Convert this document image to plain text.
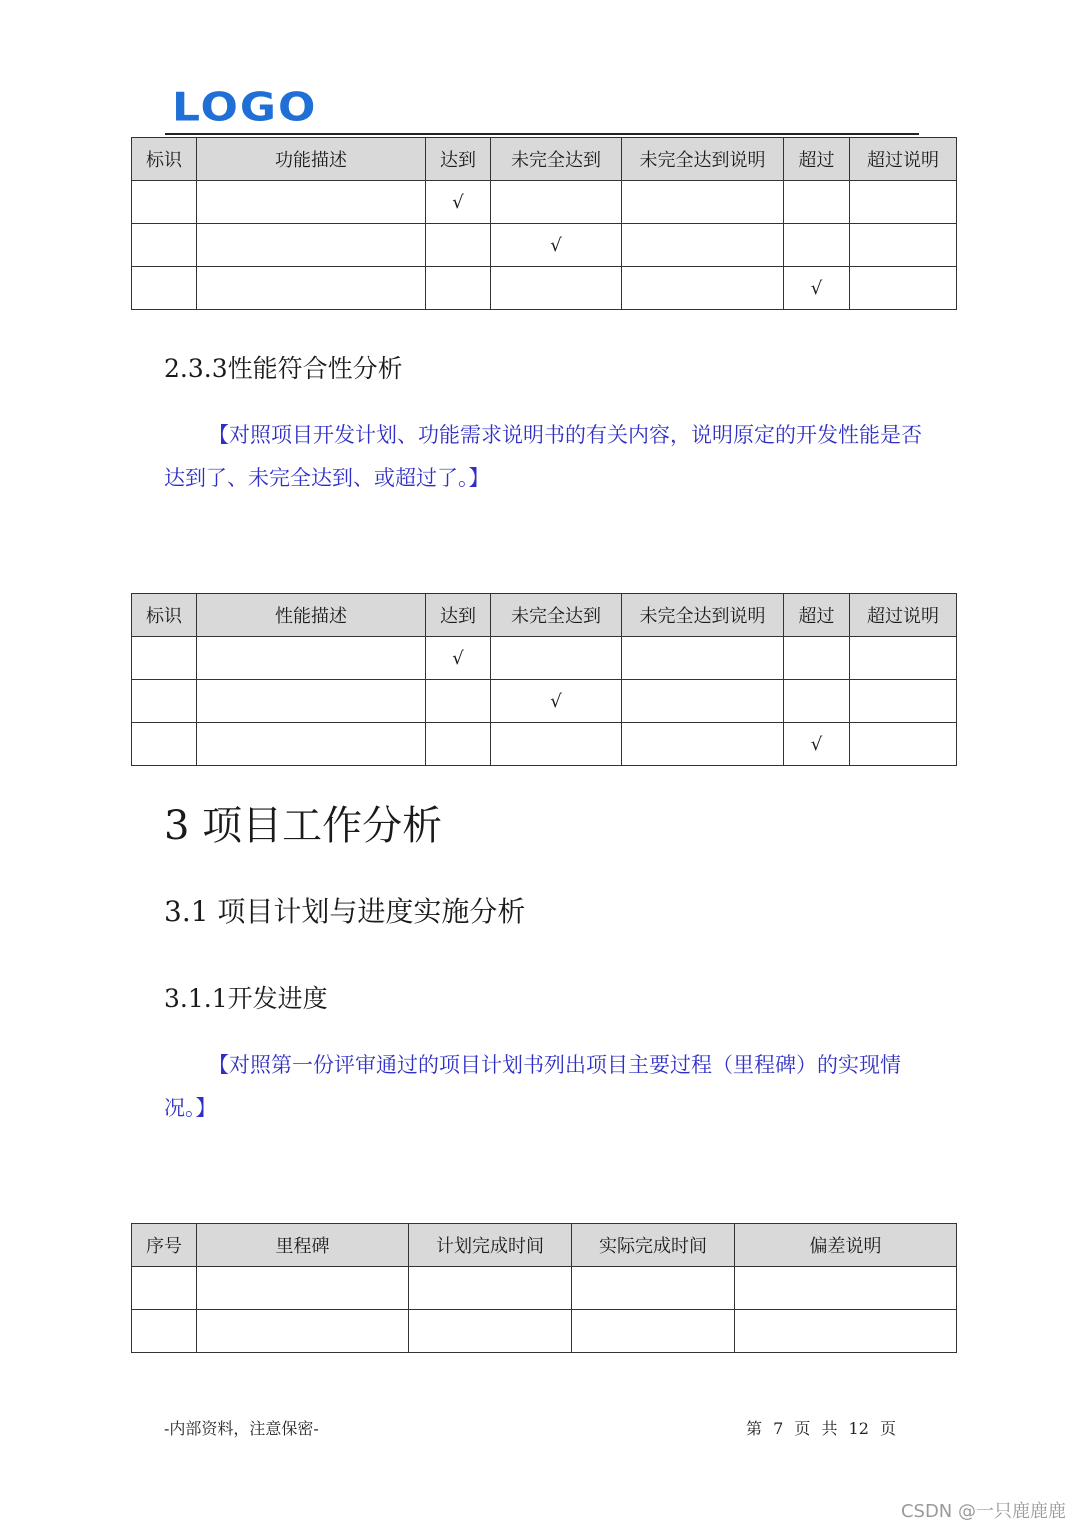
LOGO
标识	功能描述	达到	未完全达到	未完全达到说明	超过	超过说明
		√				
			√			
					√	
2.3.3性能符合性分析
【对照项目开发计划、功能需求说明书的有关内容，说明原定的开发性能是否达到了、未完全达到、或超过了。】
标识	性能描述	达到	未完全达到	未完全达到说明	超过	超过说明
		√				
			√			
					√	
3 项目工作分析
3.1 项目计划与进度实施分析
3.1.1开发进度
【对照第一份评审通过的项目计划书列出项目主要过程（里程碑）的实现情况。】
序号	里程碑	计划完成时间	实际完成时间	偏差说明

-内部资料，注意保密-	第 7 页 共 12 页
CSDN @一只鹿鹿鹿
